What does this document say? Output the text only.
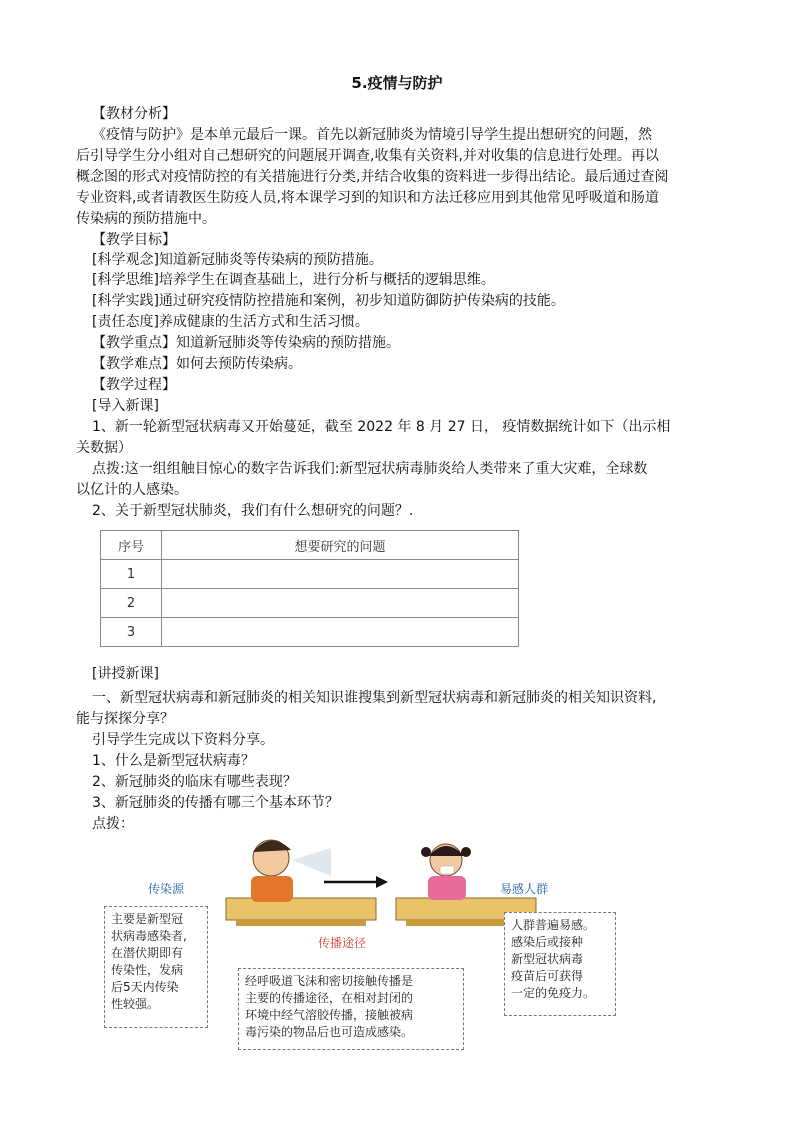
5.疫情与防护
【教材分析】
《疫情与防护》是本单元最后一课。首先以新冠肺炎为情境引导学生提出想研究的问题，然
后引导学生分小组对自己想研究的问题展开调查,收集有关资料,并对收集的信息进行处理。再以
概念图的形式对疫情防控的有关措施进行分类,并结合收集的资料进一步得出结论。最后通过查阅
专业资料,或者请教医生防疫人员,将本课学习到的知识和方法迁移应用到其他常见呼吸道和肠道
传染病的预防措施中。
【教学目标】
[科学观念]知道新冠肺炎等传染病的预防措施。
[科学思维]培养学生在调查基础上，进行分析与概括的逻辑思维。
[科学实践]通过研究疫情防控措施和案例，初步知道防御防护传染病的技能。
[责任态度]养成健康的生活方式和生活习惯。
【教学重点】知道新冠肺炎等传染病的预防措施。
【教学难点】如何去预防传染病。
【教学过程】
[导入新课]
1、新一轮新型冠状病毒又开始蔓延，截至 2022 年 8 月 27 日， 疫情数据统计如下（出示相
关数据）
点拨:这一组组触目惊心的数字告诉我们:新型冠状病毒肺炎给人类带来了重大灾难，全球数
以亿计的人感染。
2、关于新型冠状肺炎，我们有什么想研究的问题？.
序号	想要研究的问题
1	
2	
3	
[讲授新课]
一、新型冠状病毒和新冠肺炎的相关知识谁搜集到新型冠状病毒和新冠肺炎的相关知识资料,
能与探探分享？
引导学生完成以下资料分享。
1、什么是新型冠状病毒？
2、新冠肺炎的临床有哪些表现？
3、新冠肺炎的传播有哪三个基本环节？
点拨：
传染源	易感人群
传播途径
主要是新型冠
状病毒感染者,
在潜伏期即有
传染性，发病
后5天内传染
性较强。
人群普遍易感。
感染后或接种
新型冠状病毒
疫苗后可获得
一定的免疫力。
经呼吸道飞沫和密切接触传播是
主要的传播途径，在相对封闭的
环境中经气溶胶传播，接触被病
毒污染的物品后也可造成感染。
